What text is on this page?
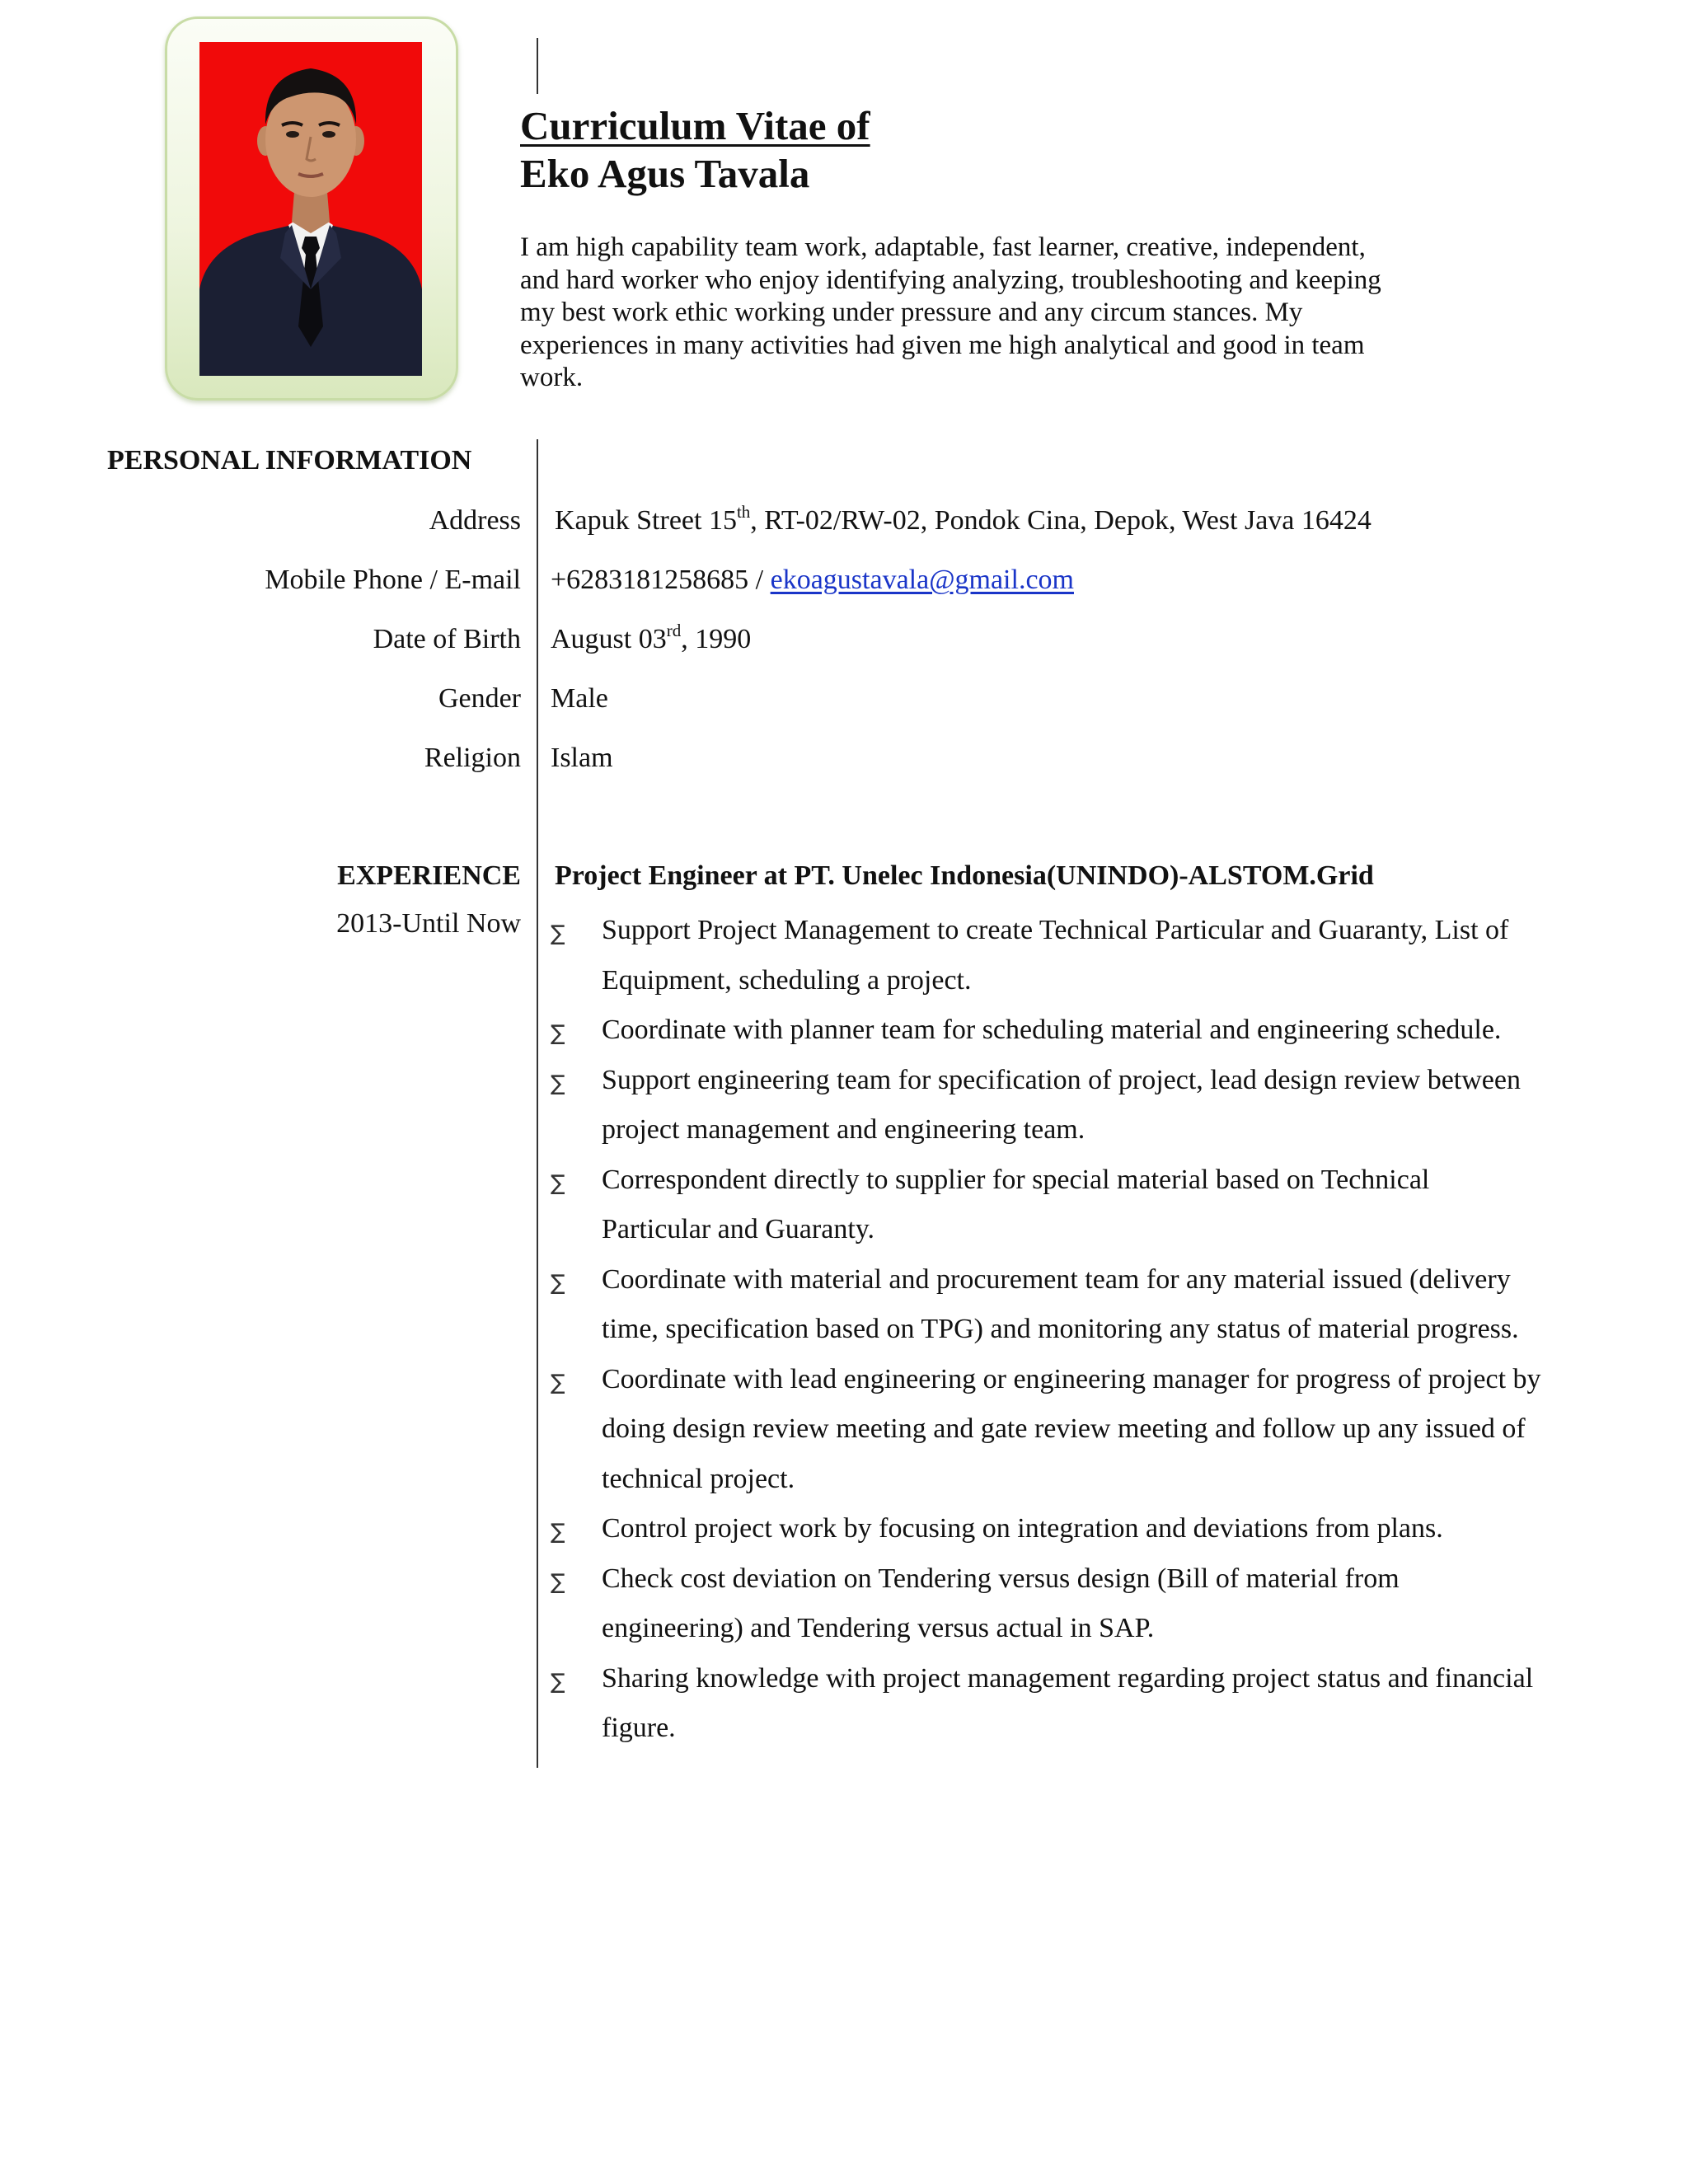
Curriculum Vitae of
Eko Agus Tavala
I am high capability team work, adaptable, fast learner, creative, independent,
and hard worker who enjoy identifying analyzing, troubleshooting and keeping
my best work ethic working under pressure and any circum stances. My
experiences in many activities had given me high analytical and good in team
work.
PERSONAL INFORMATION
Address Kapuk Street 15th, RT-02/RW-02, Pondok Cina, Depok, West Java 16424
Mobile Phone / E-mail +6283181258685 / ekoagustavala@gmail.com
Date of Birth August 03rd, 1990
Gender Male
Religion Islam
EXPERIENCE Project Engineer at PT. Unelec Indonesia(UNINDO)-ALSTOM.Grid
2013-Until Now ∑ Support Project Management to create Technical Particular and Guaranty, List of
Equipment, scheduling a project.
∑ Coordinate with planner team for scheduling material and engineering schedule.
∑ Support engineering team for specification of project, lead design review between
project management and engineering team.
∑ Correspondent directly to supplier for special material based on Technical
Particular and Guaranty.
∑ Coordinate with material and procurement team for any material issued (delivery
time, specification based on TPG) and monitoring any status of material progress.
∑ Coordinate with lead engineering or engineering manager for progress of project by
doing design review meeting and gate review meeting and follow up any issued of
technical project.
∑ Control project work by focusing on integration and deviations from plans.
∑ Check cost deviation on Tendering versus design (Bill of material from
engineering) and Tendering versus actual in SAP.
∑ Sharing knowledge with project management regarding project status and financial
figure.
